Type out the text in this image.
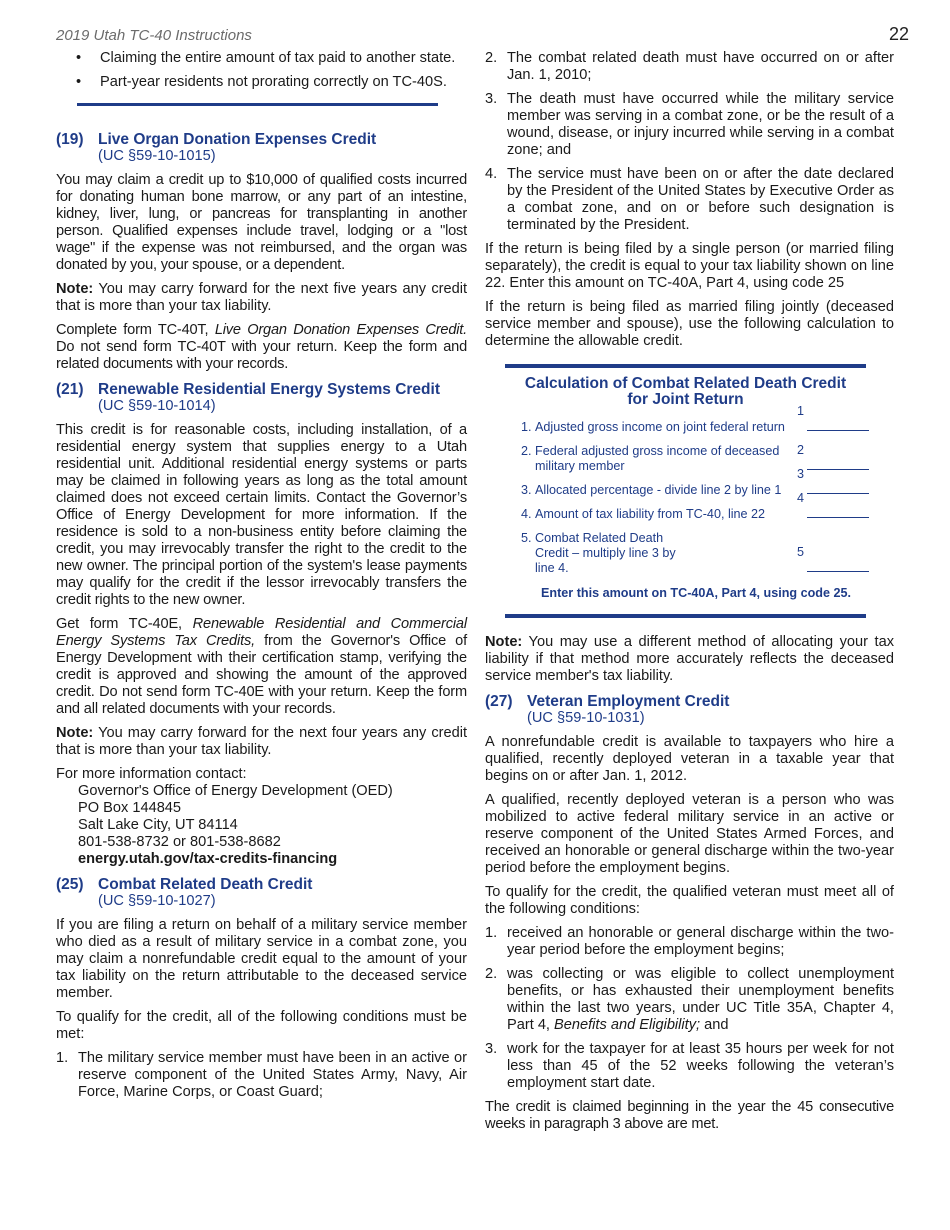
2019 Utah TC-40 Instructions	22
• Claiming the entire amount of tax paid to another state.
• Part-year residents not prorating correctly on TC-40S.
(19) Live Organ Donation Expenses Credit
(UC §59-10-1015)

You may claim a credit up to $10,000 of qualified costs incurred for donating human bone marrow, or any part of an intestine, kidney, liver, lung, or pancreas for transplanting in another person. Qualified expenses include travel, lodging or a "lost wage" if the expense was not reimbursed, and the organ was donated by you, your spouse, or a dependent.

Note: You may carry forward for the next five years any credit that is more than your tax liability.

Complete form TC-40T, Live Organ Donation Expenses Credit. Do not send form TC-40T with your return. Keep the form and related documents with your records.

(21) Renewable Residential Energy Systems Credit
(UC §59-10-1014)

This credit is for reasonable costs, including installation, of a residential energy system that supplies energy to a Utah residential unit. Additional residential energy systems or parts may be claimed in following years as long as the total amount claimed does not exceed certain limits. Contact the Governor’s Office of Energy Development for more information. If the residence is sold to a non-business entity before claiming the credit, you may irrevocably transfer the right to the credit to the new owner. The principal portion of the system's lease payments may qualify for the credit if the lessor irrevocably transfers the credit rights to the new owner.

Get form TC-40E, Renewable Residential and Commercial Energy Systems Tax Credits, from the Governor's Office of Energy Development with their certification stamp, verifying the credit is approved and showing the amount of the approved credit. Do not send form TC-40E with your return. Keep the form and all related documents with your records.

Note: You may carry forward for the next four years any credit that is more than your tax liability.

For more information contact:
Governor's Office of Energy Development (OED)
PO Box 144845
Salt Lake City, UT 84114
801-538-8732 or 801-538-8682
energy.utah.gov/tax-credits-financing
(25) Combat Related Death Credit
(UC §59-10-1027)

If you are filing a return on behalf of a military service member who died as a result of military service in a combat zone, you may claim a nonrefundable credit equal to the amount of your tax liability on the return attributable to the deceased service member.

To qualify for the credit, all of the following conditions must be met:

1. The military service member must have been in an active or reserve component of the United States Army, Navy, Air Force, Marine Corps, or Coast Guard;
2. The combat related death must have occurred on or after Jan. 1, 2010;
3. The death must have occurred while the military service member was serving in a combat zone, or be the result of a wound, disease, or injury incurred while serving in a combat zone; and
4. The service must have been on or after the date declared by the President of the United States by Executive Order as a combat zone, and on or before such designation is terminated by the President.

If the return is being filed by a single person (or married filing separately), the credit is equal to your tax liability shown on line 22. Enter this amount on TC-40A, Part 4, using code 25

If the return is being filed as married filing jointly (deceased service member and spouse), use the following calculation to determine the allowable credit.

Calculation of Combat Related Death Credit
for Joint Return
1. Adjusted gross income on joint federal return
1
2. Federal adjusted gross income of deceased military member
2
3. Allocated percentage - divide line 2 by line 1
3
4. Amount of tax liability from TC-40, line 22
4
5. Combat Related Death Credit – multiply line 3 by line 4.
5
Enter this amount on TC-40A, Part 4, using code 25.

Note: You may use a different method of allocating your tax liability if that method more accurately reflects the deceased service member's tax liability.

(27) Veteran Employment Credit
(UC §59-10-1031)

A nonrefundable credit is available to taxpayers who hire a qualified, recently deployed veteran in a taxable year that begins on or after Jan. 1, 2012.

A qualified, recently deployed veteran is a person who was mobilized to active federal military service in an active or reserve component of the United States Armed Forces, and received an honorable or general discharge within the two-year period before the employment begins.

To qualify for the credit, the qualified veteran must meet all of the following conditions:

1. received an honorable or general discharge within the two-year period before the employment begins;
2. was collecting or was eligible to collect unemployment benefits, or has exhausted their unemployment benefits within the last two years, under UC Title 35A, Chapter 4, Part 4, Benefits and Eligibility; and
3. work for the taxpayer for at least 35 hours per week for not less than 45 of the 52 weeks following the veteran’s employment start date.

The credit is claimed beginning in the year the 45 consecutive weeks in paragraph 3 above are met.
